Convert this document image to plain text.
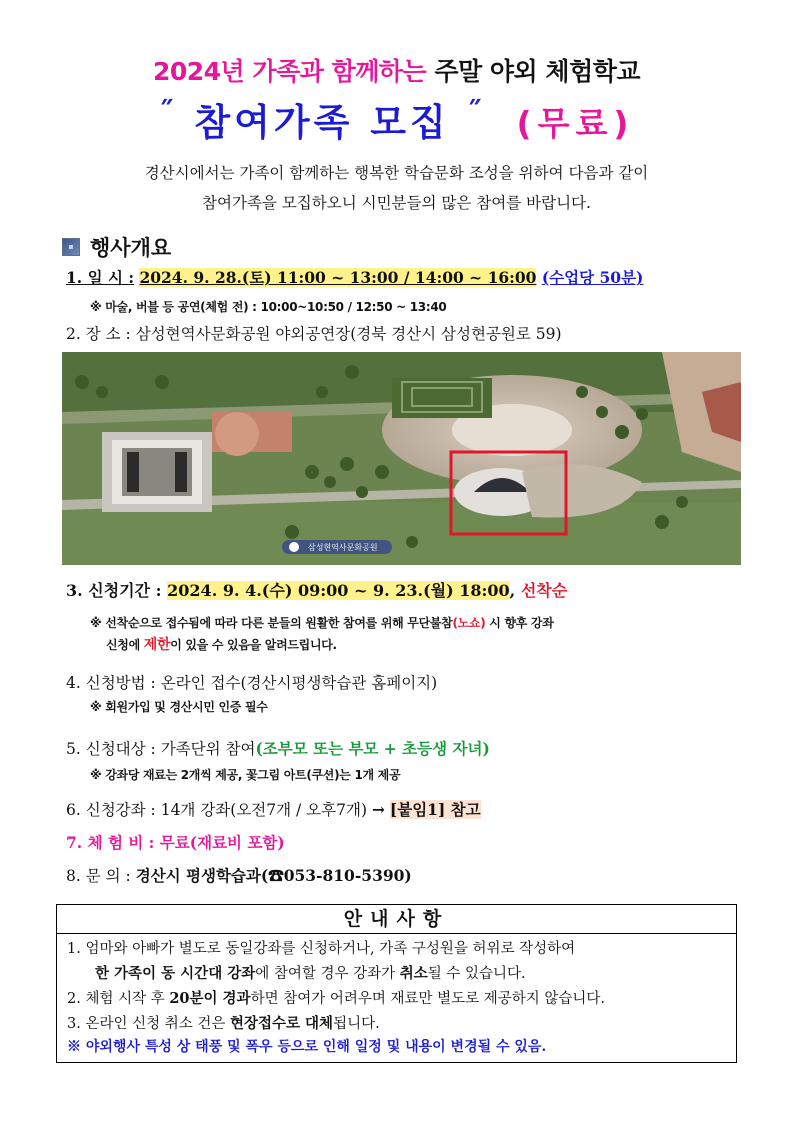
2024년 가족과 함께하는 주말 야외 체험학교
˝ 참여가족 모집 ˝ (무료)
경산시에서는 가족이 함께하는 행복한 학습문화 조성을 위하여 다음과 같이
참여가족을 모집하오니 시민분들의 많은 참여를 바랍니다.
행사개요
1. 일 시 : 2024. 9. 28.(토) 11:00 ~ 13:00 / 14:00 ~ 16:00 (수업당 50분)
※ 마술, 버블 등 공연(체험 전) : 10:00~10:50 / 12:50 ~ 13:40
2. 장 소 : 삼성현역사문화공원 야외공연장(경북 경산시 삼성현공원로 59)
삼성현역사문화공원
3. 신청기간 : 2024. 9. 4.(수) 09:00 ~ 9. 23.(월) 18:00, 선착순
※ 선착순으로 접수됨에 따라 다른 분들의 원활한 참여를 위해 무단불참(노쇼) 시 향후 강좌
신청에 제한이 있을 수 있음을 알려드립니다.
4. 신청방법 : 온라인 접수(경산시평생학습관 홈페이지)
※ 회원가입 및 경산시민 인증 필수
5. 신청대상 : 가족단위 참여(조부모 또는 부모 + 초등생 자녀)
※ 강좌당 재료는 2개씩 제공, 꽃그림 아트(쿠션)는 1개 제공
6. 신청강좌 : 14개 강좌(오전7개 / 오후7개) → [붙임1] 참고
7. 체 험 비 : 무료(재료비 포함)
8. 문 의 : 경산시 평생학습과(☎053-810-5390)
안내사항
1. 엄마와 아빠가 별도로 동일강좌를 신청하거나, 가족 구성원을 허위로 작성하여
한 가족이 동 시간대 강좌에 참여할 경우 강좌가 취소될 수 있습니다.
2. 체험 시작 후 20분이 경과하면 참여가 어려우며 재료만 별도로 제공하지 않습니다.
3. 온라인 신청 취소 건은 현장접수로 대체됩니다.
※ 야외행사 특성 상 태풍 및 폭우 등으로 인해 일정 및 내용이 변경될 수 있음.
